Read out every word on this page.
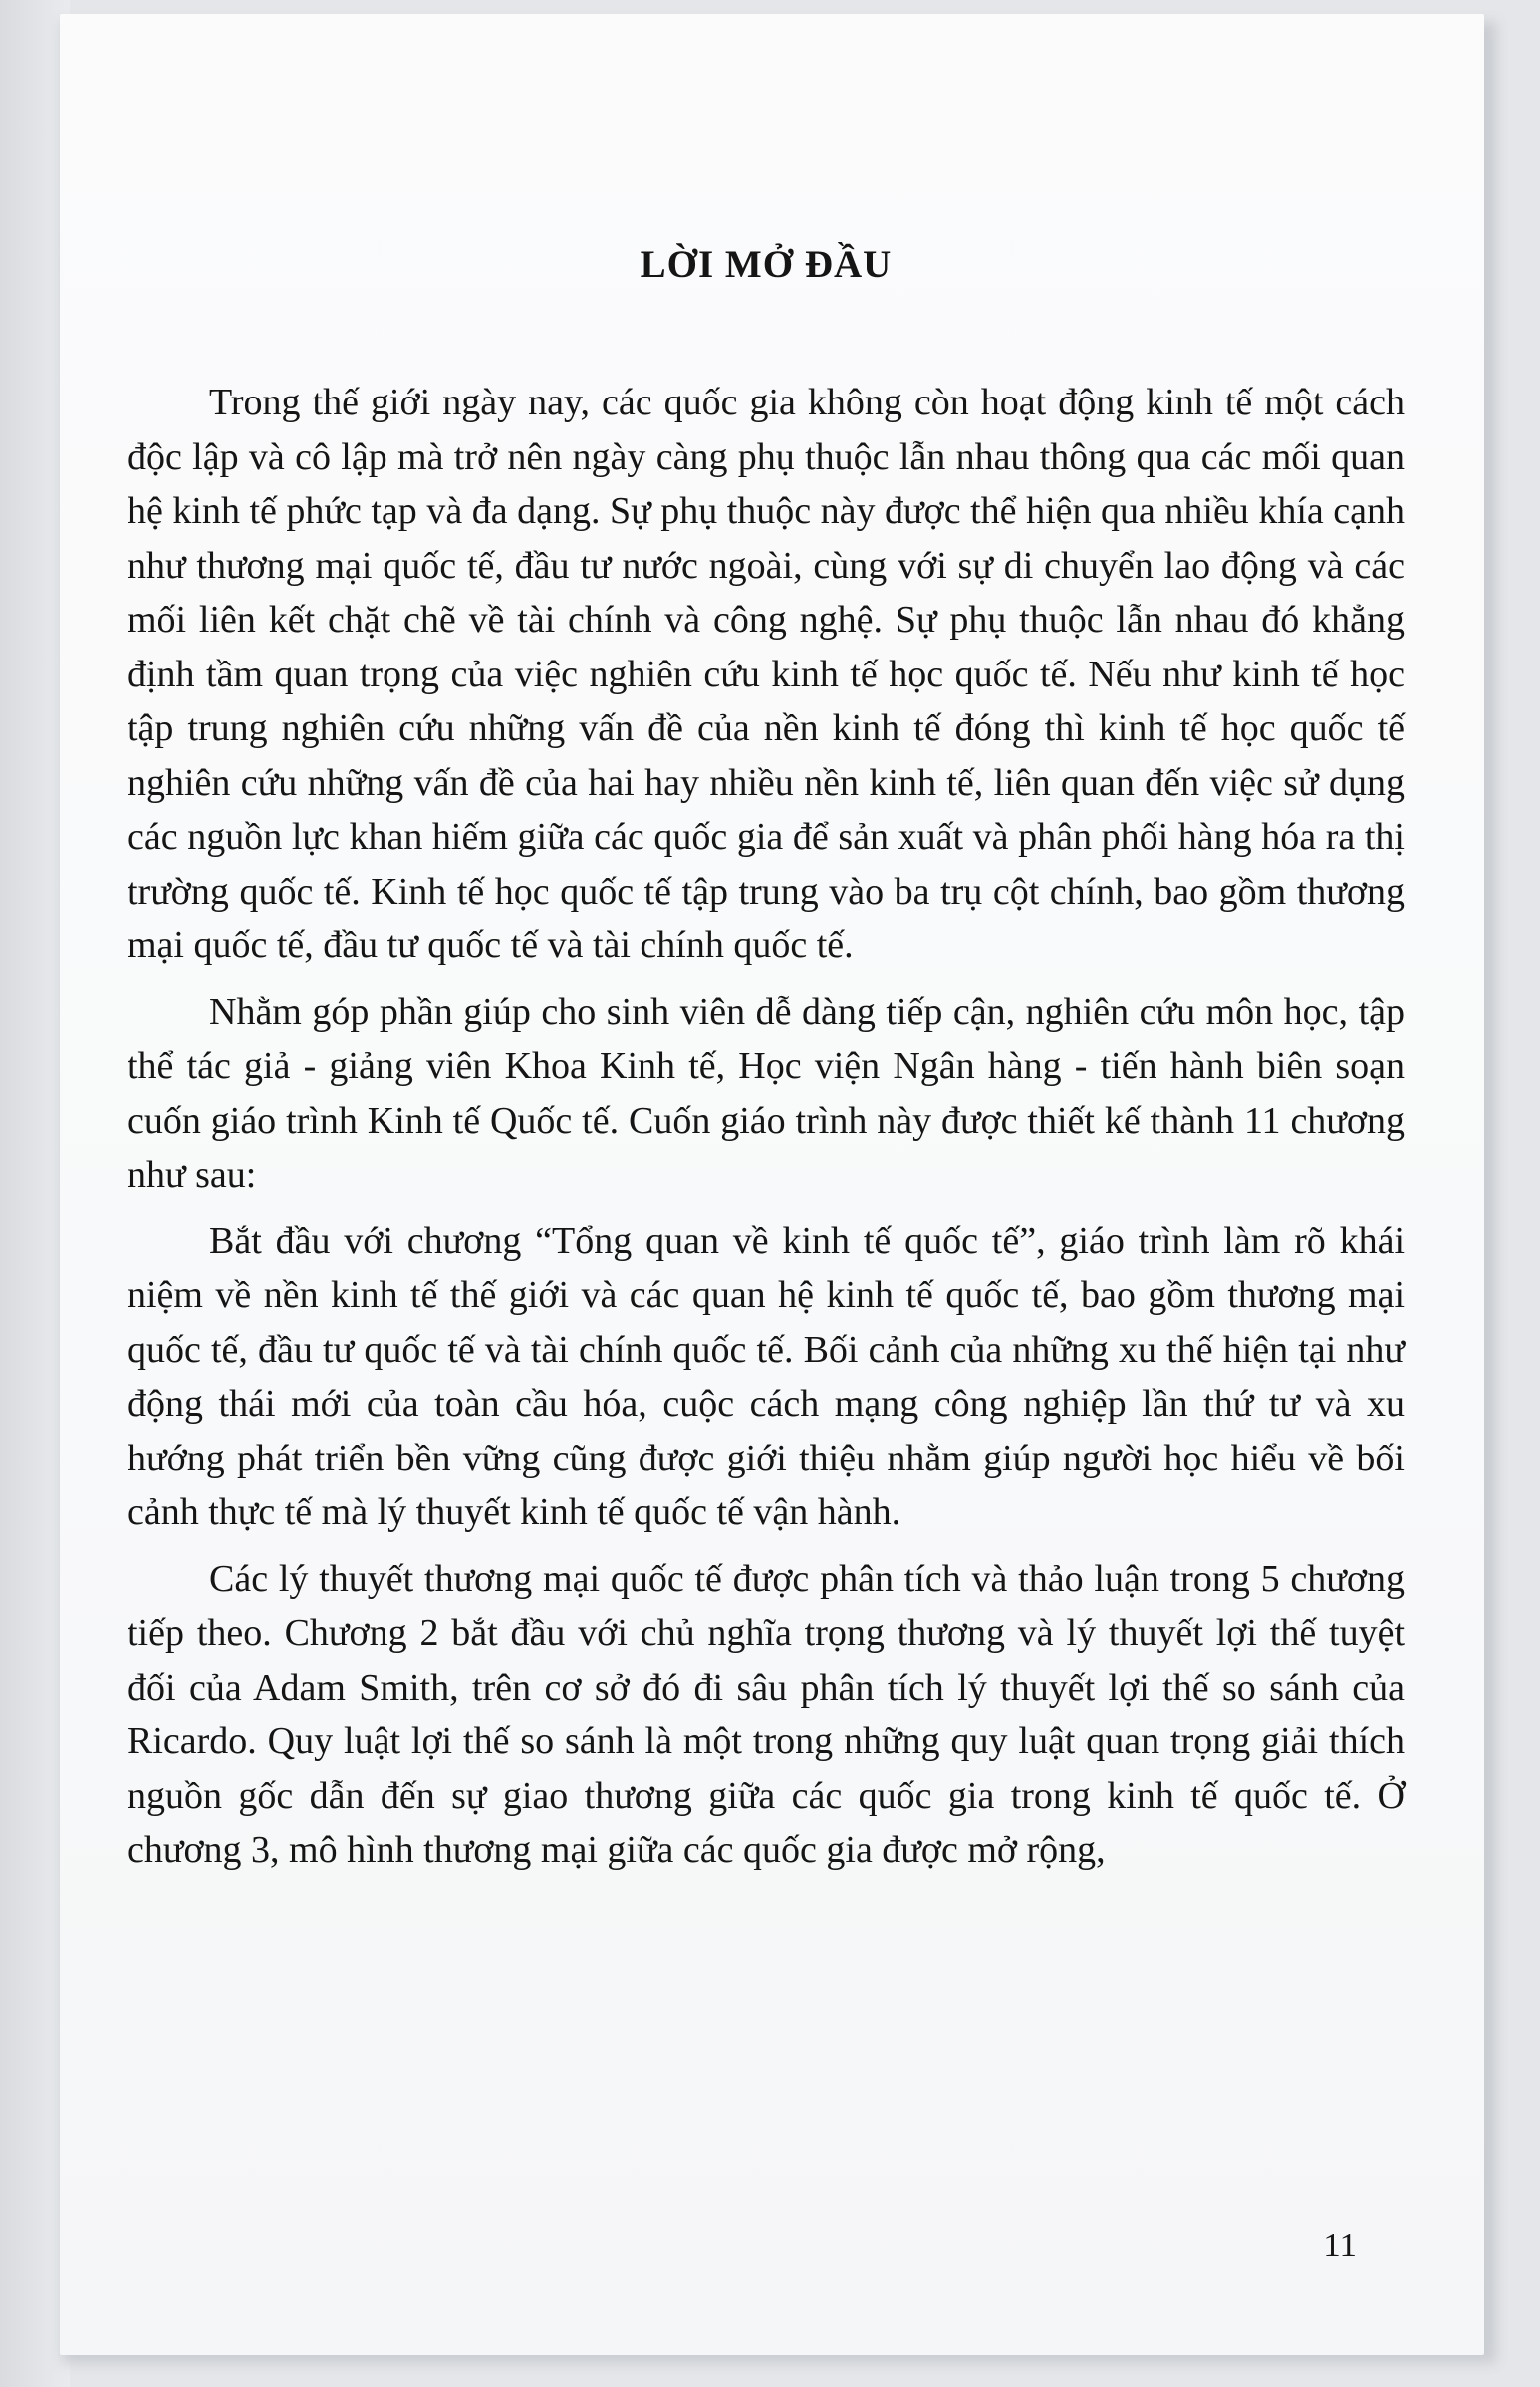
LỜI MỞ ĐẦU

Trong thế giới ngày nay, các quốc gia không còn hoạt động kinh tế một cách độc lập và cô lập mà trở nên ngày càng phụ thuộc lẫn nhau thông qua các mối quan hệ kinh tế phức tạp và đa dạng. Sự phụ thuộc này được thể hiện qua nhiều khía cạnh như thương mại quốc tế, đầu tư nước ngoài, cùng với sự di chuyển lao động và các mối liên kết chặt chẽ về tài chính và công nghệ. Sự phụ thuộc lẫn nhau đó khẳng định tầm quan trọng của việc nghiên cứu kinh tế học quốc tế. Nếu như kinh tế học tập trung nghiên cứu những vấn đề của nền kinh tế đóng thì kinh tế học quốc tế nghiên cứu những vấn đề của hai hay nhiều nền kinh tế, liên quan đến việc sử dụng các nguồn lực khan hiếm giữa các quốc gia để sản xuất và phân phối hàng hóa ra thị trường quốc tế. Kinh tế học quốc tế tập trung vào ba trụ cột chính, bao gồm thương mại quốc tế, đầu tư quốc tế và tài chính quốc tế.

Nhằm góp phần giúp cho sinh viên dễ dàng tiếp cận, nghiên cứu môn học, tập thể tác giả - giảng viên Khoa Kinh tế, Học viện Ngân hàng - tiến hành biên soạn cuốn giáo trình Kinh tế Quốc tế. Cuốn giáo trình này được thiết kế thành 11 chương như sau:

Bắt đầu với chương “Tổng quan về kinh tế quốc tế”, giáo trình làm rõ khái niệm về nền kinh tế thế giới và các quan hệ kinh tế quốc tế, bao gồm thương mại quốc tế, đầu tư quốc tế và tài chính quốc tế. Bối cảnh của những xu thế hiện tại như động thái mới của toàn cầu hóa, cuộc cách mạng công nghiệp lần thứ tư và xu hướng phát triển bền vững cũng được giới thiệu nhằm giúp người học hiểu về bối cảnh thực tế mà lý thuyết kinh tế quốc tế vận hành.

Các lý thuyết thương mại quốc tế được phân tích và thảo luận trong 5 chương tiếp theo. Chương 2 bắt đầu với chủ nghĩa trọng thương và lý thuyết lợi thế tuyệt đối của Adam Smith, trên cơ sở đó đi sâu phân tích lý thuyết lợi thế so sánh của Ricardo. Quy luật lợi thế so sánh là một trong những quy luật quan trọng giải thích nguồn gốc dẫn đến sự giao thương giữa các quốc gia trong kinh tế quốc tế. Ở chương 3, mô hình thương mại giữa các quốc gia được mở rộng,

11
